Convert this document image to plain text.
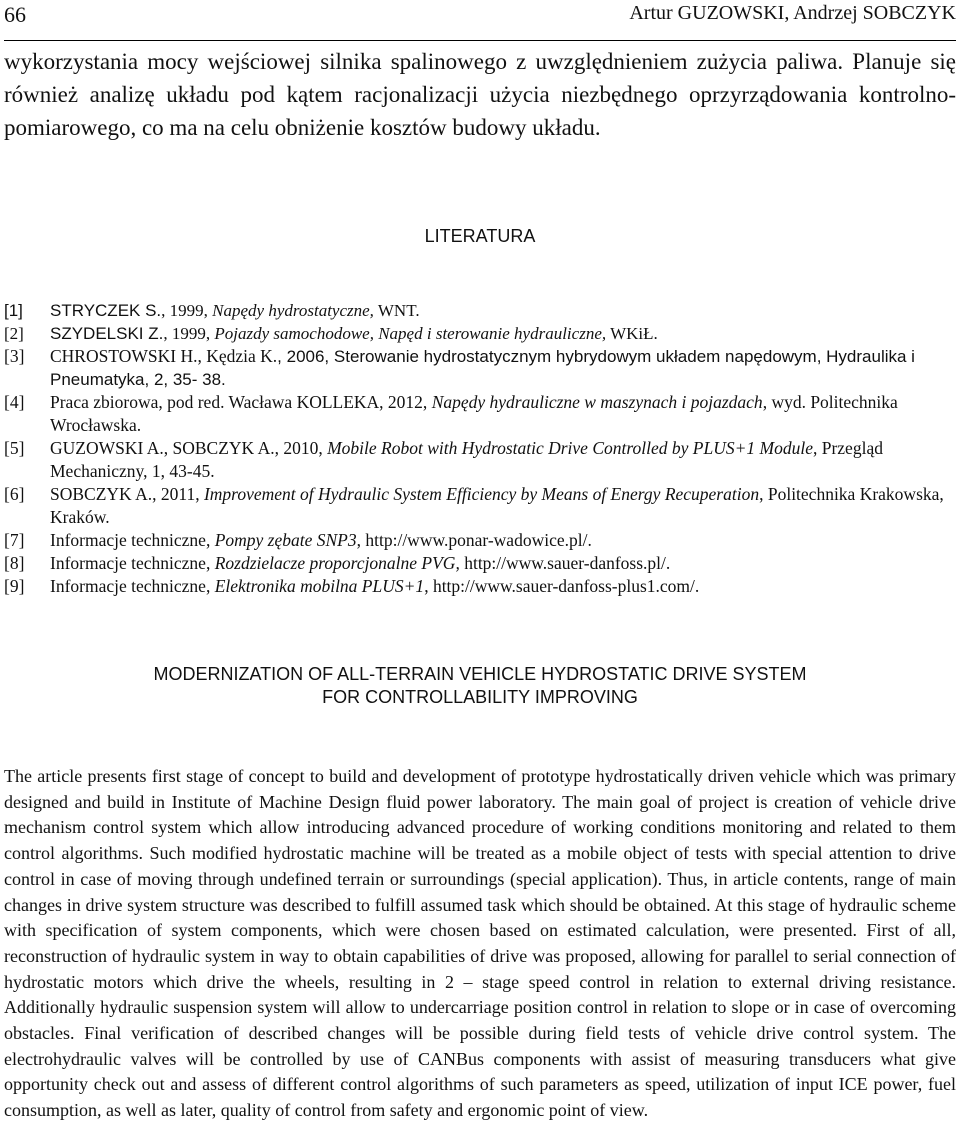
66	Artur GUZOWSKI, Andrzej SOBCZYK
wykorzystania mocy wejściowej silnika spalinowego z uwzględnieniem zużycia paliwa. Planuje się również analizę układu pod kątem racjonalizacji użycia niezbędnego oprzyrządowania kontrolno- pomiarowego, co ma na celu obniżenie kosztów budowy układu.
LITERATURA
[1] STRYCZEK S., 1999, Napędy hydrostatyczne, WNT.
[2] SZYDELSKI Z., 1999, Pojazdy samochodowe, Napęd i sterowanie hydrauliczne, WKiŁ.
[3] CHROSTOWSKI H., Kędzia K., 2006, Sterowanie hydrostatycznym hybrydowym układem napędowym, Hydraulika i Pneumatyka, 2, 35- 38.
[4] Praca zbiorowa, pod red. Wacława KOLLEKA, 2012, Napędy hydrauliczne w maszynach i pojazdach, wyd. Politechnika Wrocławska.
[5] GUZOWSKI A., SOBCZYK A., 2010, Mobile Robot with Hydrostatic Drive Controlled by PLUS+1 Module, Przegląd Mechaniczny, 1, 43-45.
[6] SOBCZYK A., 2011, Improvement of Hydraulic System Efficiency by Means of Energy Recuperation, Politechnika Krakowska, Kraków.
[7] Informacje techniczne, Pompy zębate SNP3, http://www.ponar-wadowice.pl/.
[8] Informacje techniczne, Rozdzielacze proporcjonalne PVG, http://www.sauer-danfoss.pl/.
[9] Informacje techniczne, Elektronika mobilna PLUS+1, http://www.sauer-danfoss-plus1.com/.
MODERNIZATION OF ALL-TERRAIN VEHICLE HYDROSTATIC DRIVE SYSTEM
FOR CONTROLLABILITY IMPROVING
The article presents first stage of concept to build and development of prototype hydrostatically driven vehicle which was primary designed and build in Institute of Machine Design fluid power laboratory. The main goal of project is creation of vehicle drive mechanism control system which allow introducing advanced procedure of working conditions monitoring and related to them control algorithms. Such modified hydrostatic machine will be treated as a mobile object of tests with special attention to drive control in case of moving through undefined terrain or surroundings (special application). Thus, in article contents, range of main changes in drive system structure was described to fulfill assumed task which should be obtained. At this stage of hydraulic scheme with specification of system components, which were chosen based on estimated calculation, were presented. First of all, reconstruction of hydraulic system in way to obtain capabilities of drive was proposed, allowing for parallel to serial connection of hydrostatic motors which drive the wheels, resulting in 2 – stage speed control in relation to external driving resistance. Additionally hydraulic suspension system will allow to undercarriage position control in relation to slope or in case of overcoming obstacles. Final verification of described changes will be possible during field tests of vehicle drive control system. The electrohydraulic valves will be controlled by use of CANBus components with assist of measuring transducers what give opportunity check out and assess of different control algorithms of such parameters as speed, utilization of input ICE power, fuel consumption, as well as later, quality of control from safety and ergonomic point of view.
